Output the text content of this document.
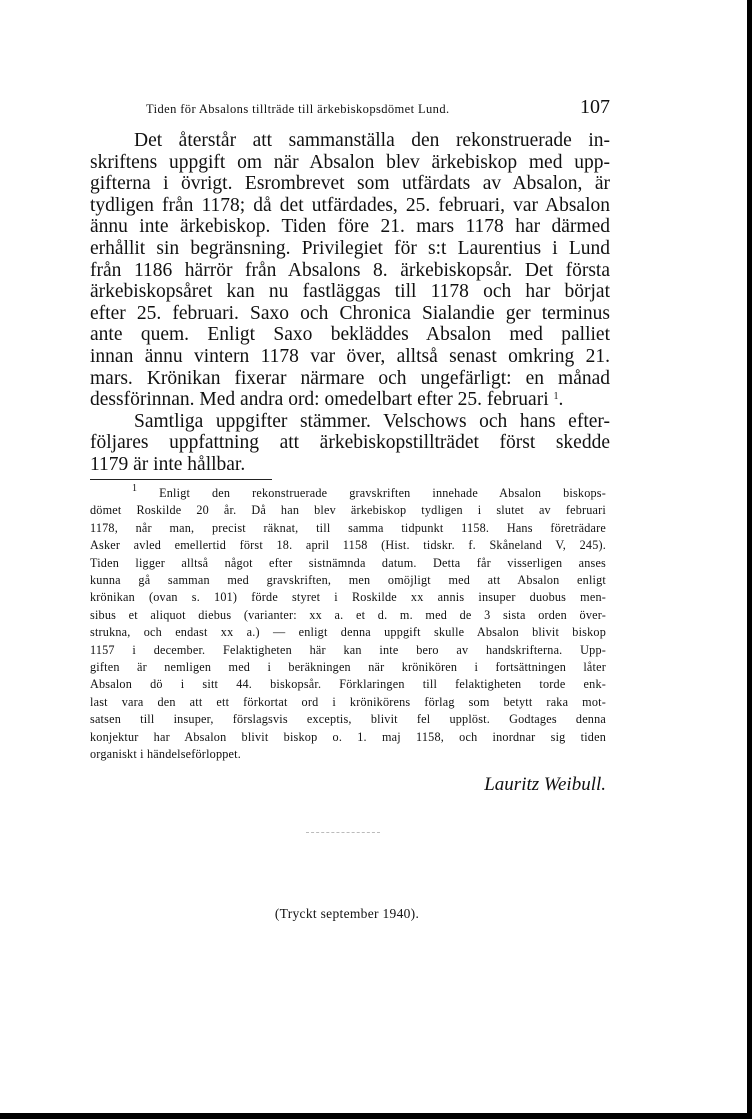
Tiden för Absalons tillträde till ärkebiskopsdömet Lund.	107
Det återstår att sammanställa den rekonstruerade in-
skriftens uppgift om när Absalon blev ärkebiskop med upp-
gifterna i övrigt. Esrombrevet som utfärdats av Absalon, är
tydligen från 1178; då det utfärdades, 25. februari, var Absalon
ännu inte ärkebiskop. Tiden före 21. mars 1178 har därmed
erhållit sin begränsning. Privilegiet för s:t Laurentius i Lund
från 1186 härrör från Absalons 8. ärkebiskopsår. Det första
ärkebiskopsåret kan nu fastläggas till 1178 och har börjat
efter 25. februari. Saxo och Chronica Sialandie ger terminus
ante quem. Enligt Saxo bekläddes Absalon med palliet
innan ännu vintern 1178 var över, alltså senast omkring 21.
mars. Krönikan fixerar närmare och ungefärligt: en månad
dessförinnan. Med andra ord: omedelbart efter 25. februari $^1$.
Samtliga uppgifter stämmer. Velschows och hans efter-
följares uppfattning att ärkebiskopstillträdet först skedde
1179 är inte hållbar.
$^1$ Enligt den rekonstruerade gravskriften innehade Absalon biskops-
dömet Roskilde 20 år. Då han blev ärkebiskop tydligen i slutet av februari
1178, når man, precist räknat, till samma tidpunkt 1158. Hans företrädare
Asker avled emellertid först 18. april 1158 (Hist. tidskr. f. Skåneland V, 245).
Tiden ligger alltså något efter sistnämnda datum. Detta får visserligen anses
kunna gå samman med gravskriften, men omöjligt med att Absalon enligt
krönikan (ovan s. 101) förde styret i Roskilde xx annis insuper duobus men-
sibus et aliquot diebus (varianter: xx a. et d. m. med de 3 sista orden över-
strukna, och endast xx a.) — enligt denna uppgift skulle Absalon blivit biskop
1157 i december. Felaktigheten här kan inte bero av handskrifterna. Upp-
giften är nemligen med i beräkningen när krönikören i fortsättningen låter
Absalon dö i sitt 44. biskopsår. Förklaringen till felaktigheten torde enk-
last vara den att ett förkortat ord i krönikörens förlag som betytt raka mot-
satsen till insuper, förslagsvis exceptis, blivit fel upplöst. Godtages denna
konjektur har Absalon blivit biskop o. 1. maj 1158, och inordnar sig tiden
organiskt i händelseförloppet.
Lauritz Weibull.
(Tryckt september 1940).
